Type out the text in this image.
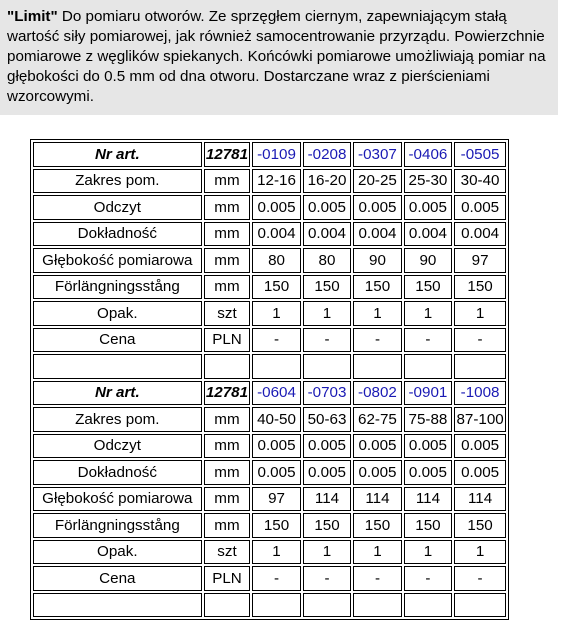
"Limit" Do pomiaru otworów. Ze sprzęgłem ciernym, zapewniającym stałą wartość siły pomiarowej, jak również samocentrowanie przyrządu. Powierzchnie pomiarowe z węglików spiekanych. Końcówki pomiarowe umożliwiają pomiar na głębokości do 0.5 mm od dna otworu. Dostarczane wraz z pierścieniami wzorcowymi.
Nr art.	12781	-0109	-0208	-0307	-0406	-0505
Zakres pom.	mm	12-16	16-20	20-25	25-30	30-40
Odczyt	mm	0.005	0.005	0.005	0.005	0.005
Dokładność	mm	0.004	0.004	0.004	0.004	0.004
Głębokość pomiarowa	mm	80	80	90	90	97
Förlängningsstång	mm	150	150	150	150	150
Opak.	szt	1	1	1	1	1
Cena	PLN	-	-	-	-	-

Nr art.	12781	-0604	-0703	-0802	-0901	-1008
Zakres pom.	mm	40-50	50-63	62-75	75-88	87-100
Odczyt	mm	0.005	0.005	0.005	0.005	0.005
Dokładność	mm	0.005	0.005	0.005	0.005	0.005
Głębokość pomiarowa	mm	97	114	114	114	114
Förlängningsstång	mm	150	150	150	150	150
Opak.	szt	1	1	1	1	1
Cena	PLN	-	-	-	-	-
